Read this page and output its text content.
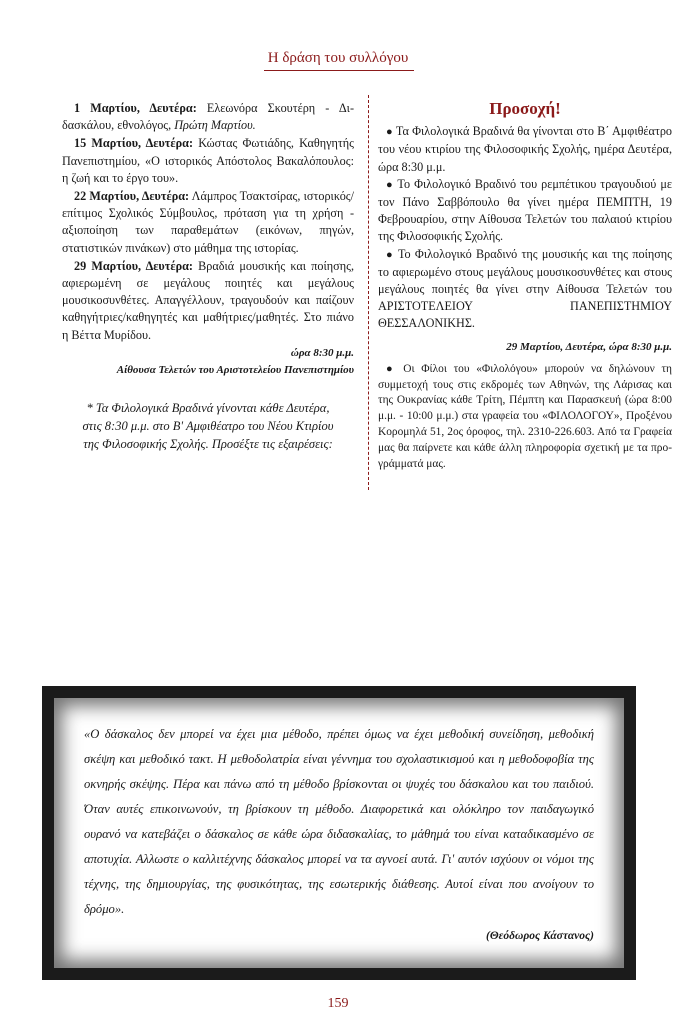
Η δράση του συλλόγου

1 Μαρτίου, Δευτέρα: Ελεωνόρα Σκουτέρη - Διδασκάλου, εθνολόγος, Πρώτη Μαρτίου.

15 Μαρτίου, Δευτέρα: Κώστας Φωτιάδης, Καθηγητής Πανεπιστημίου, «Ο ιστορικός Απόστολος Βακαλόπουλος: η ζωή και το έργο του».

22 Μαρτίου, Δευτέρα: Λάμπρος Τσακτσίρας, ιστορικός/επίτιμος Σχολικός Σύμβουλος, πρόταση για τη χρήση - αξιοποίηση των παραθεμάτων (εικόνων, πηγών, στατιστικών πινάκων) στο μάθημα της ιστορίας.

29 Μαρτίου, Δευτέρα: Βραδιά μουσικής και ποίησης, αφιερωμένη σε μεγάλους ποιητές και μεγάλους μουσικοσυνθέτες. Απαγγέλλουν, τραγουδούν και παίζουν καθηγήτριες/καθηγητές και μαθήτριες/μαθητές. Στο πιάνο η Βέττα Μυρίδου.

ώρα 8:30 μ.μ.
Αίθουσα Τελετών του Αριστοτελείου Πανεπιστημίου
* Τα Φιλολογικά Βραδινά γίνονται κάθε Δευτέρα,
στις 8:30 μ.μ. στο Β' Αμφιθέατρο του Νέου Κτιρίου
της Φιλοσοφικής Σχολής. Προσέξτε τις εξαιρέσεις:
Προσοχή!

● Τα Φιλολογικά Βραδινά θα γίνονται στο Β΄ Αμφιθέατρο του νέου κτιρίου της Φιλοσοφικής Σχολής, ημέρα Δευτέρα, ώρα 8:30 μ.μ.

● Το Φιλολογικό Βραδινό του ρεμπέτικου τραγουδιού με τον Πάνο Σαββόπουλο θα γίνει ημέρα ΠΕΜΠΤΗ, 19 Φεβρουαρίου, στην Αίθουσα Τελετών του παλαιού κτιρίου της Φιλοσοφικής Σχολής.

● Το Φιλολογικό Βραδινό της μουσικής και της ποίησης το αφιερωμένο στους μεγάλους μουσικοσυνθέτες και στους μεγάλους ποιητές θα γίνει στην Αίθουσα Τελετών του ΑΡΙΣΤΟΤΕΛΕΙΟΥ ΠΑΝΕΠΙΣΤΗΜΙΟΥ ΘΕΣΣΑΛΟΝΙΚΗΣ.

29 Μαρτίου, Δευτέρα, ώρα 8:30 μ.μ.

● Οι Φίλοι του «Φιλολόγου» μπορούν να δηλώνουν τη συμμετοχή τους στις εκδρομές των Αθηνών, της Λάρισας και της Ουκρανίας κάθε Τρίτη, Πέμπτη και Παρασκευή (ώρα 8:00 μ.μ. - 10:00 μ.μ.) στα γραφεία του «ΦΙΛΟΛΟΓΟΥ», Προξένου Κορομηλά 51, 2ος όροφος, τηλ. 2310-226.603. Από τα Γραφεία μας θα παίρνετε και κάθε άλλη πληροφορία σχετική με τα προγράμματά μας.

«Ο δάσκαλος δεν μπορεί να έχει μια μέθοδο, πρέπει όμως να έχει μεθοδική συνείδηση, μεθοδική σκέψη και μεθοδικό τακτ. Η μεθοδολατρία είναι γέννημα του σχολαστικισμού και η μεθοδοφοβία της οκνηρής σκέψης. Πέρα και πάνω από τη μέθοδο βρίσκονται οι ψυχές του δάσκαλου και του παιδιού. Όταν αυτές επικοινωνούν, τη βρίσκουν τη μέθοδο. Διαφορετικά και ολόκληρο τον παιδαγωγικό ουρανό να κατεβάζει ο δάσκαλος σε κάθε ώρα διδασκαλίας, το μάθημά του είναι καταδικασμένο σε αποτυχία. Αλλωστε ο καλλιτέχνης δάσκαλος μπορεί να τα αγνοεί αυτά. Γι' αυτόν ισχύουν οι νόμοι της τέχνης, της δημιουργίας, της φυσικότητας, της εσωτερικής διάθεσης. Αυτοί είναι που ανοίγουν το δρόμο».

(Θεόδωρος Κάστανος)
159
